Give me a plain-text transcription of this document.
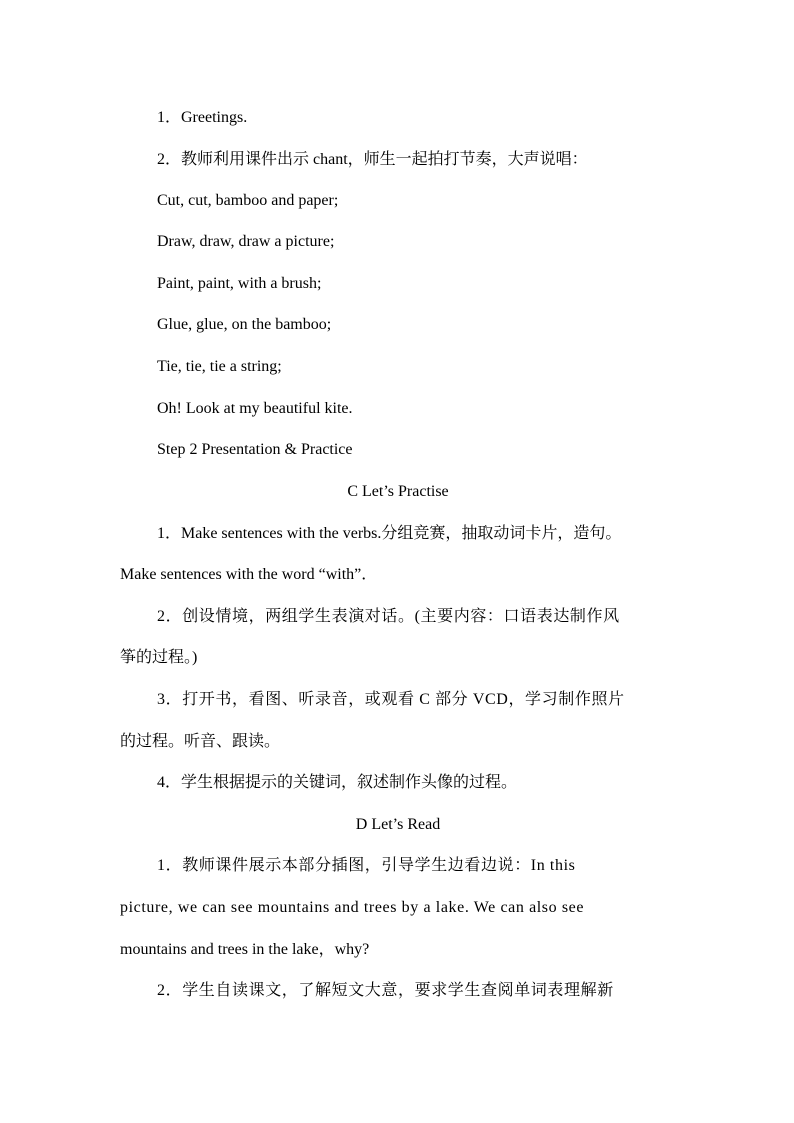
1．Greetings.
2．教师利用课件出示 chant，师生一起拍打节奏，大声说唱：
Cut, cut, bamboo and paper;
Draw, draw, draw a picture;
Paint, paint, with a brush;
Glue, glue, on the bamboo;
Tie, tie, tie a string;
Oh! Look at my beautiful kite.
Step 2 Presentation & Practice
C Let’s Practise
1．Make sentences with the verbs.分组竞赛，抽取动词卡片，造句。
Make sentences with the word “with”．
2．创设情境，两组学生表演对话。(主要内容：口语表达制作风
筝的过程。)
3．打开书，看图、听录音，或观看 C 部分 VCD，学习制作照片
的过程。听音、跟读。
4．学生根据提示的关键词，叙述制作头像的过程。
D Let’s Read
1．教师课件展示本部分插图，引导学生边看边说：In this
picture, we can see mountains and trees by a lake. We can also see
mountains and trees in the lake，why?
2．学生自读课文，了解短文大意，要求学生查阅单词表理解新
